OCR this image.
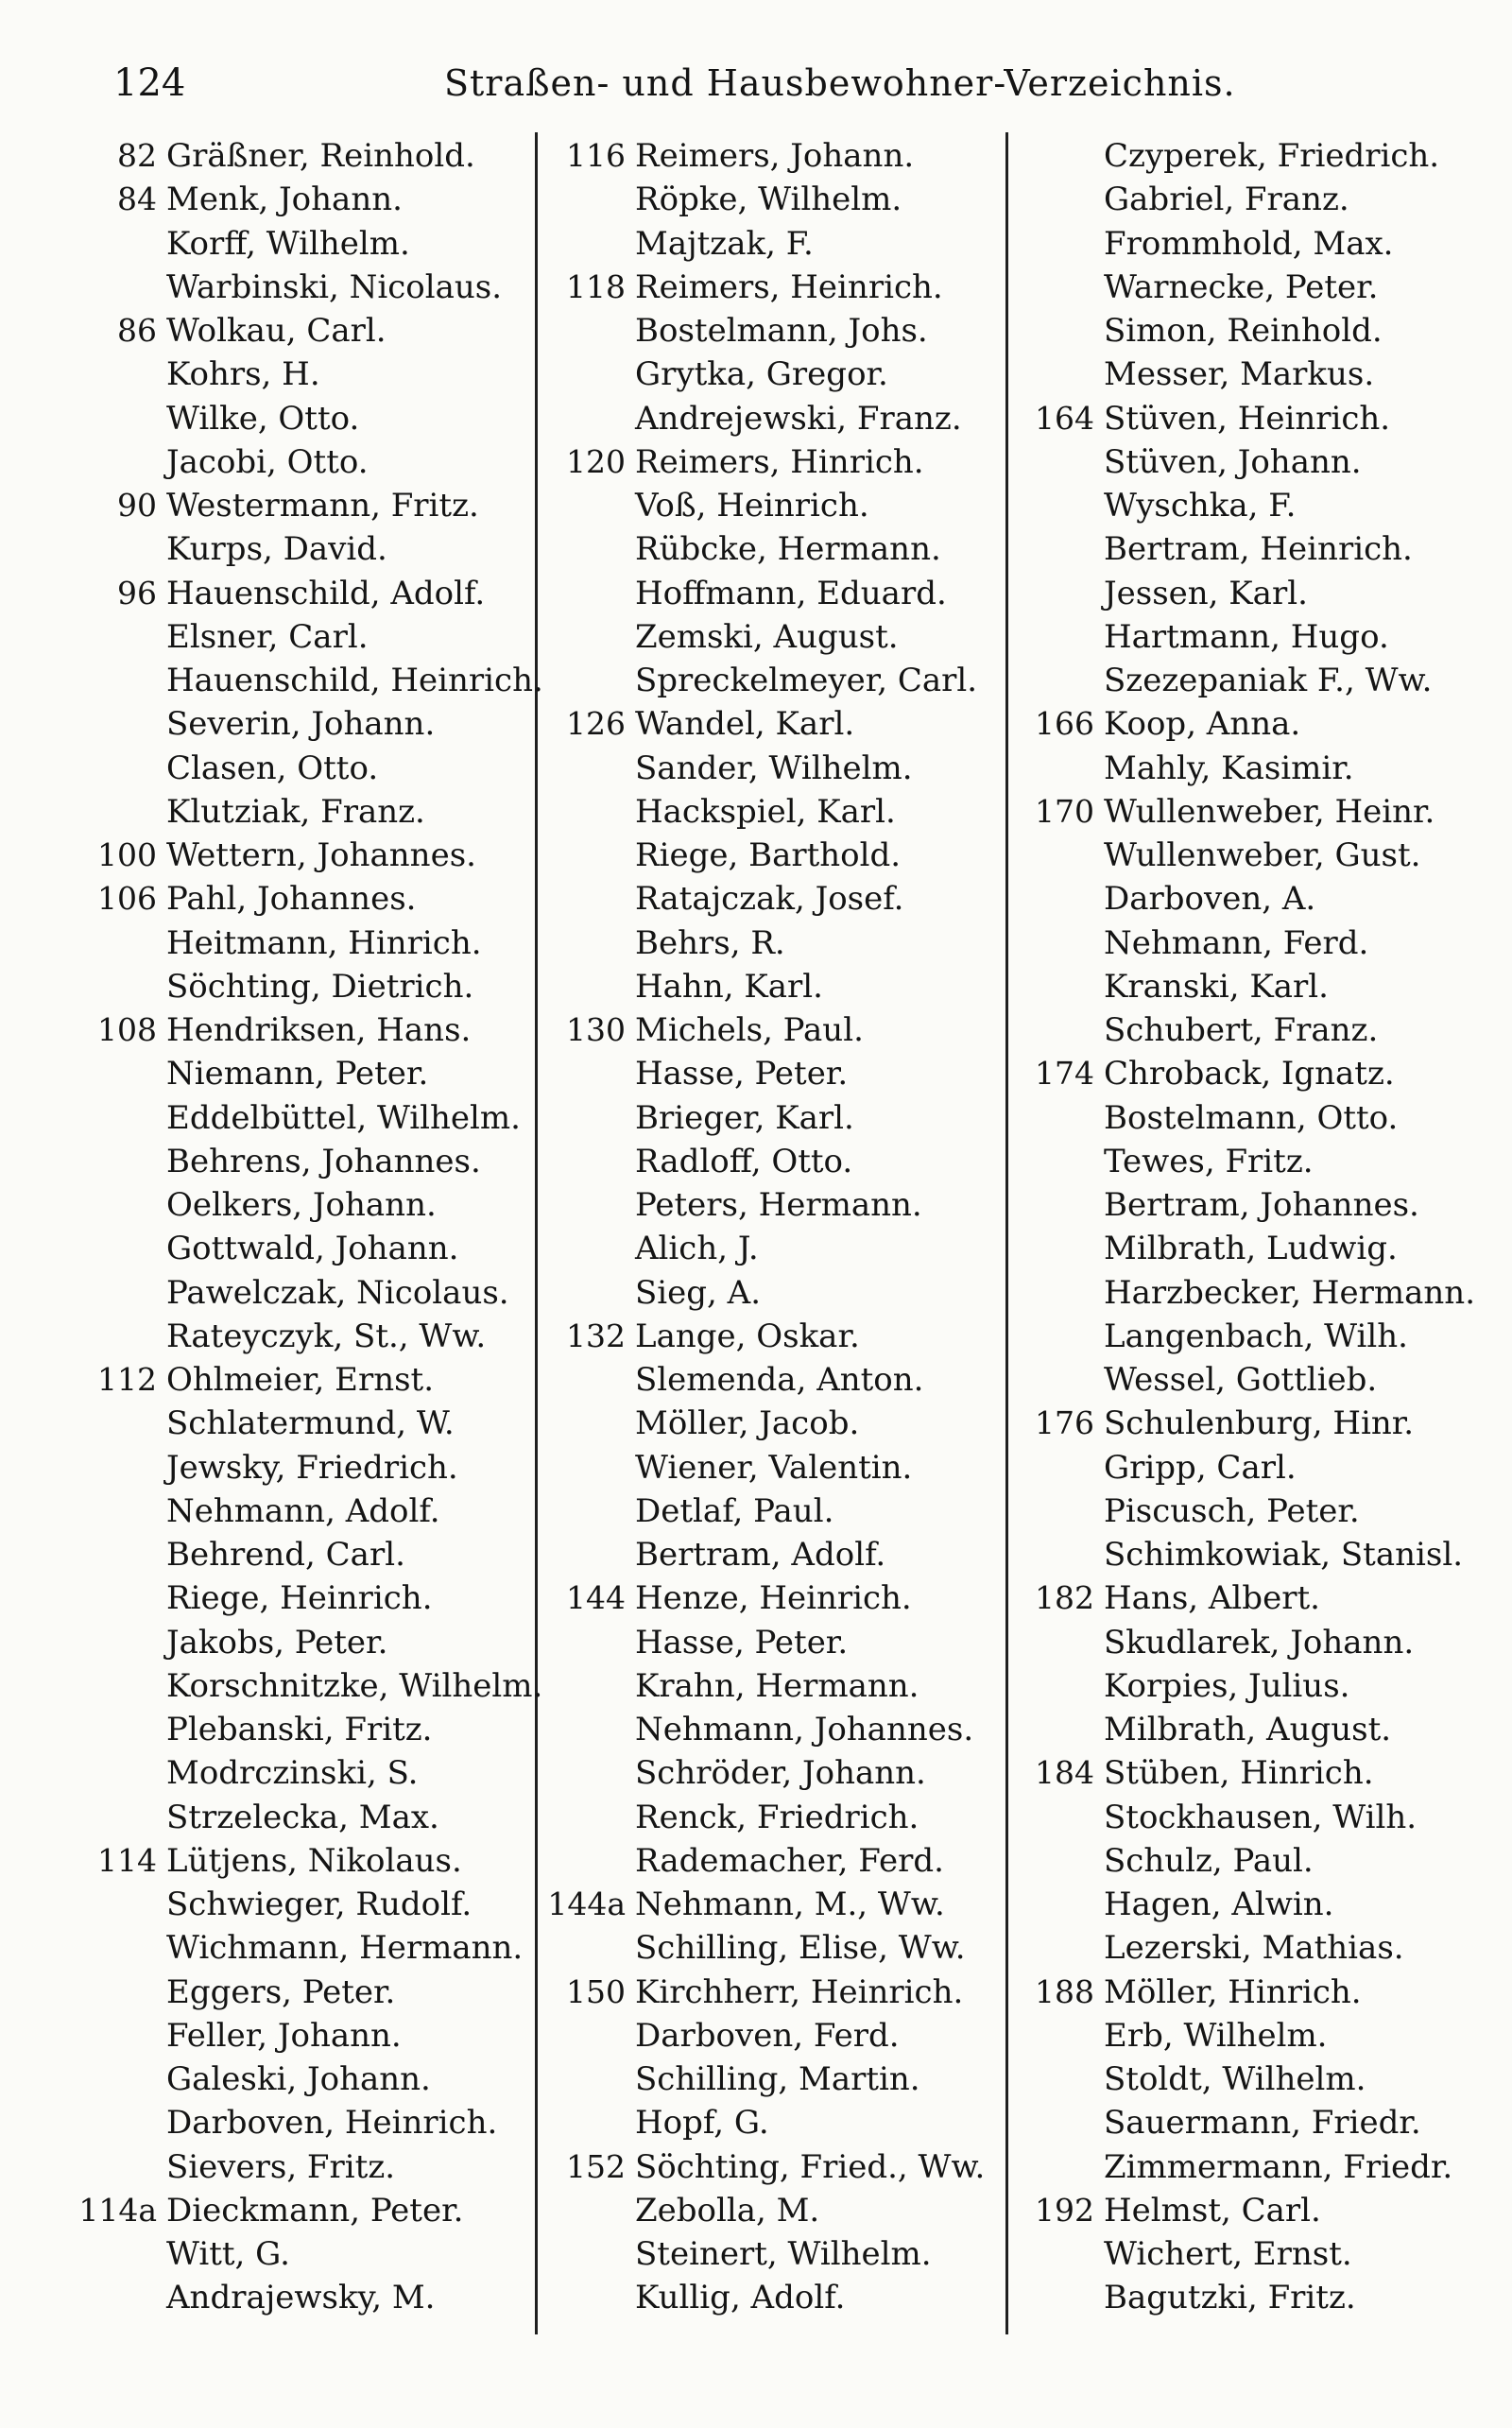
124	Straßen- und Hausbewohner-Verzeichnis.
82 Gräßner, Reinhold.
84 Menk, Johann.
Korff, Wilhelm.
Warbinski, Nicolaus.
86 Wolkau, Carl.
Kohrs, H.
Wilke, Otto.
Jacobi, Otto.
90 Westermann, Fritz.
Kurps, David.
96 Hauenschild, Adolf.
Elsner, Carl.
Hauenschild, Heinrich.
Severin, Johann.
Clasen, Otto.
Klutziak, Franz.
100 Wettern, Johannes.
106 Pahl, Johannes.
Heitmann, Hinrich.
Söchting, Dietrich.
108 Hendriksen, Hans.
Niemann, Peter.
Eddelbüttel, Wilhelm.
Behrens, Johannes.
Oelkers, Johann.
Gottwald, Johann.
Pawelczak, Nicolaus.
Rateyczyk, St., Ww.
112 Ohlmeier, Ernst.
Schlatermund, W.
Jewsky, Friedrich.
Nehmann, Adolf.
Behrend, Carl.
Riege, Heinrich.
Jakobs, Peter.
Korschnitzke, Wilhelm.
Plebanski, Fritz.
Modrczinski, S.
Strzelecka, Max.
114 Lütjens, Nikolaus.
Schwieger, Rudolf.
Wichmann, Hermann.
Eggers, Peter.
Feller, Johann.
Galeski, Johann.
Darboven, Heinrich.
Sievers, Fritz.
114a Dieckmann, Peter.
Witt, G.
Andrajewsky, M.
116 Reimers, Johann.
Röpke, Wilhelm.
Majtzak, F.
118 Reimers, Heinrich.
Bostelmann, Johs.
Grytka, Gregor.
Andrejewski, Franz.
120 Reimers, Hinrich.
Voß, Heinrich.
Rübcke, Hermann.
Hoffmann, Eduard.
Zemski, August.
Spreckelmeyer, Carl.
126 Wandel, Karl.
Sander, Wilhelm.
Hackspiel, Karl.
Riege, Barthold.
Ratajczak, Josef.
Behrs, R.
Hahn, Karl.
130 Michels, Paul.
Hasse, Peter.
Brieger, Karl.
Radloff, Otto.
Peters, Hermann.
Alich, J.
Sieg, A.
132 Lange, Oskar.
Slemenda, Anton.
Möller, Jacob.
Wiener, Valentin.
Detlaf, Paul.
Bertram, Adolf.
144 Henze, Heinrich.
Hasse, Peter.
Krahn, Hermann.
Nehmann, Johannes.
Schröder, Johann.
Renck, Friedrich.
Rademacher, Ferd.
144a Nehmann, M., Ww.
Schilling, Elise, Ww.
150 Kirchherr, Heinrich.
Darboven, Ferd.
Schilling, Martin.
Hopf, G.
152 Söchting, Fried., Ww.
Zebolla, M.
Steinert, Wilhelm.
Kullig, Adolf.
Czyperek, Friedrich.
Gabriel, Franz.
Frommhold, Max.
Warnecke, Peter.
Simon, Reinhold.
Messer, Markus.
164 Stüven, Heinrich.
Stüven, Johann.
Wyschka, F.
Bertram, Heinrich.
Jessen, Karl.
Hartmann, Hugo.
Szezepaniak F., Ww.
166 Koop, Anna.
Mahly, Kasimir.
170 Wullenweber, Heinr.
Wullenweber, Gust.
Darboven, A.
Nehmann, Ferd.
Kranski, Karl.
Schubert, Franz.
174 Chroback, Ignatz.
Bostelmann, Otto.
Tewes, Fritz.
Bertram, Johannes.
Milbrath, Ludwig.
Harzbecker, Hermann.
Langenbach, Wilh.
Wessel, Gottlieb.
176 Schulenburg, Hinr.
Gripp, Carl.
Piscusch, Peter.
Schimkowiak, Stanisl.
182 Hans, Albert.
Skudlarek, Johann.
Korpies, Julius.
Milbrath, August.
184 Stüben, Hinrich.
Stockhausen, Wilh.
Schulz, Paul.
Hagen, Alwin.
Lezerski, Mathias.
188 Möller, Hinrich.
Erb, Wilhelm.
Stoldt, Wilhelm.
Sauermann, Friedr.
Zimmermann, Friedr.
192 Helmst, Carl.
Wichert, Ernst.
Bagutzki, Fritz.
